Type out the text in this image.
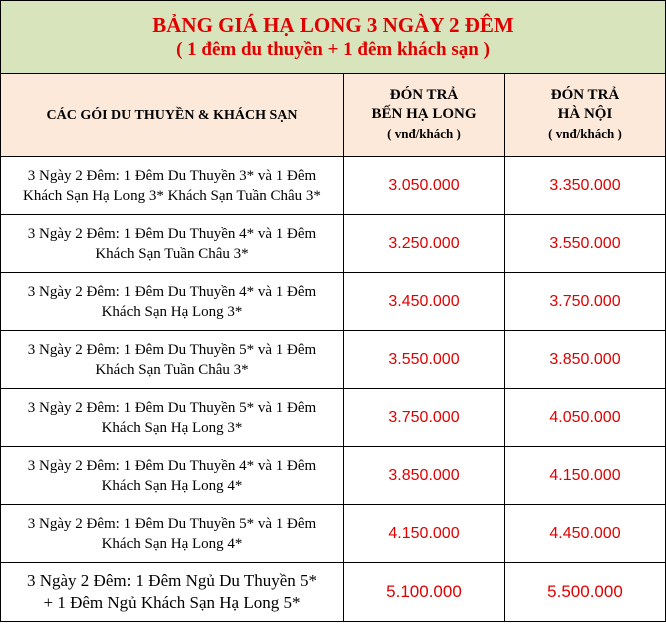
BẢNG GIÁ HẠ LONG 3 NGÀY 2 ĐÊM
( 1 đêm du thuyền + 1 đêm khách sạn )		

CÁC GÓI DU THUYỀN & KHÁCH SẠN	ĐÓN TRẢ
BẾN HẠ LONG
( vnđ/khách )	ĐÓN TRẢ
HÀ NỘI
( vnđ/khách )

3 Ngày 2 Đêm: 1 Đêm Du Thuyền 3* và 1 Đêm
Khách Sạn Hạ Long 3* Khách Sạn Tuần Châu 3*	3.050.000	3.350.000

3 Ngày 2 Đêm: 1 Đêm Du Thuyền 4* và 1 Đêm
Khách Sạn Tuần Châu 3*	3.250.000	3.550.000

3 Ngày 2 Đêm: 1 Đêm Du Thuyền 4* và 1 Đêm
Khách Sạn Hạ Long 3*	3.450.000	3.750.000

3 Ngày 2 Đêm: 1 Đêm Du Thuyền 5* và 1 Đêm
Khách Sạn Tuần Châu 3*	3.550.000	3.850.000

3 Ngày 2 Đêm: 1 Đêm Du Thuyền 5* và 1 Đêm
Khách Sạn Hạ Long 3*	3.750.000	4.050.000

3 Ngày 2 Đêm: 1 Đêm Du Thuyền 4* và 1 Đêm
Khách Sạn Hạ Long 4*	3.850.000	4.150.000

3 Ngày 2 Đêm: 1 Đêm Du Thuyền 5* và 1 Đêm
Khách Sạn Hạ Long 4*	4.150.000	4.450.000

3 Ngày 2 Đêm: 1 Đêm Ngủ Du Thuyền 5*
+ 1 Đêm Ngủ Khách Sạn Hạ Long 5*	5.100.000	5.500.000
